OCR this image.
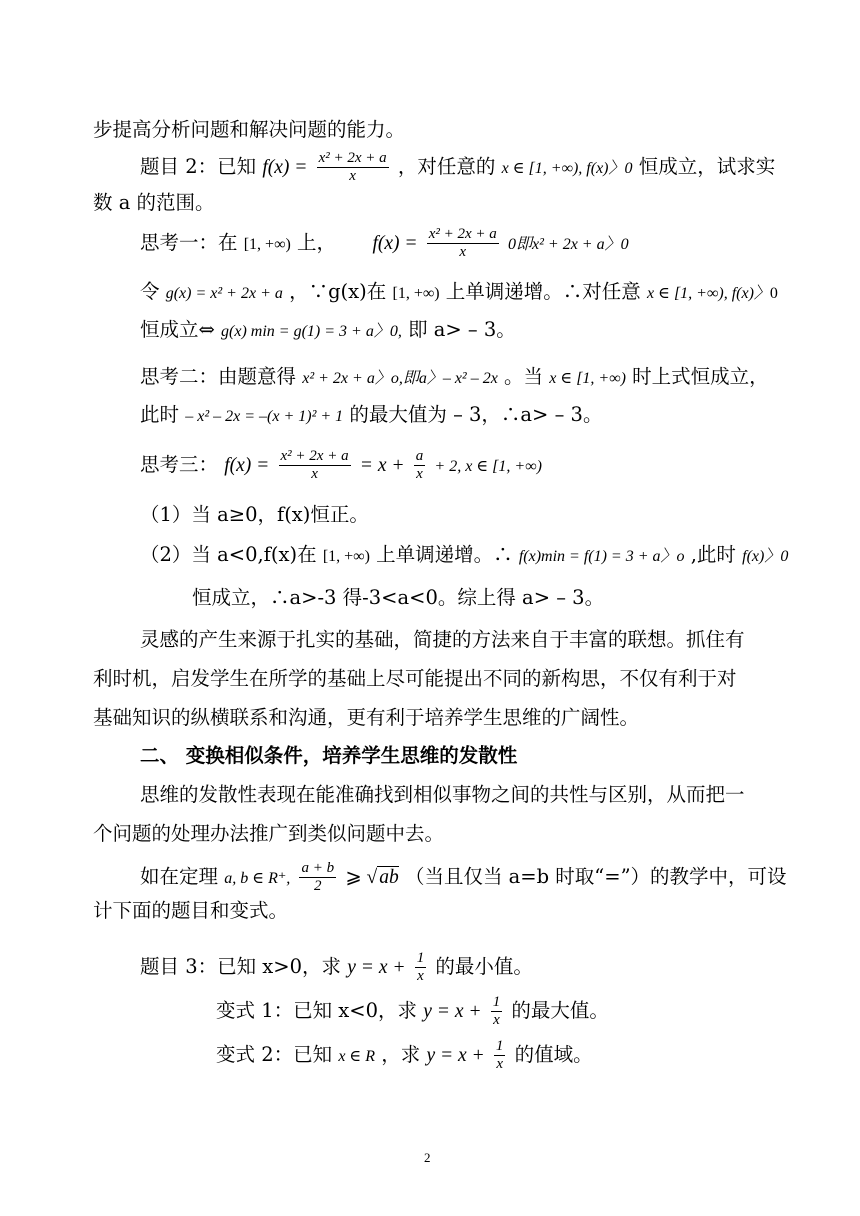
步提高分析问题和解决问题的能力。
题目 2：已知 $f(x) = \frac{\text{x² + 2x + a}}{x}$ ，对任意的 x ∈ [1, +∞), f(x)〉0 恒成立，试求实
数 a 的范围。
思考一：在 [1, +∞) 上， $f(x) = \frac{\text{x² + 2x + a}}{x} 0$即x² + 2x + a〉0
令 g(x) = x² + 2x + a ，∵g(x)在 [1, +∞) 上单调递增。∴对任意 x ∈ [1, +∞), f(x)〉0
恒成立⇔ g(x) min = g(1) = 3 + a〉0, 即 a> – 3。
思考二：由题意得 x² + 2x + a〉o,即a〉– x² – 2x 。当 x ∈ [1, +∞) 时上式恒成立，
此时 – x² – 2x = –(x + 1)² + 1 的最大值为 – 3，∴a> – 3。
思考三： $f(x) = \frac{\text{x² + 2x + a}}{x} = x + \frac{a}{x} + 2$, x ∈ [1, +∞)
（1）当 a≥0，f(x)恒正。
（2）当 a<0,f(x)在 [1, +∞) 上单调递增。∴ f(x)min = f(1) = 3 + a〉o ,此时 f(x)〉0
恒成立，∴a>-3 得-3<a<0。综上得 a> – 3。
灵感的产生来源于扎实的基础，简捷的方法来自于丰富的联想。抓住有
利时机，启发学生在所学的基础上尽可能提出不同的新构思，不仅有利于对
基础知识的纵横联系和沟通，更有利于培养学生思维的广阔性。
二、 变换相似条件，培养学生思维的发散性
思维的发散性表现在能准确找到相似事物之间的共性与区别，从而把一
个问题的处理办法推广到类似问题中去。
如在定理 a, b ∈ R⁺, $\frac{a + b}{2}$ ⩾ √ ab （当且仅当 a=b 时取“=”）的教学中，可设
计下面的题目和变式。
题目 3：已知 x>0，求 $y = x + \frac{1}{x}$ 的最小值。
变式 1：已知 x<0，求 $y = x + \frac{1}{x}$ 的最大值。
变式 2：已知 x ∈ R ，求 $y = x + \frac{1}{x}$ 的值域。
2
